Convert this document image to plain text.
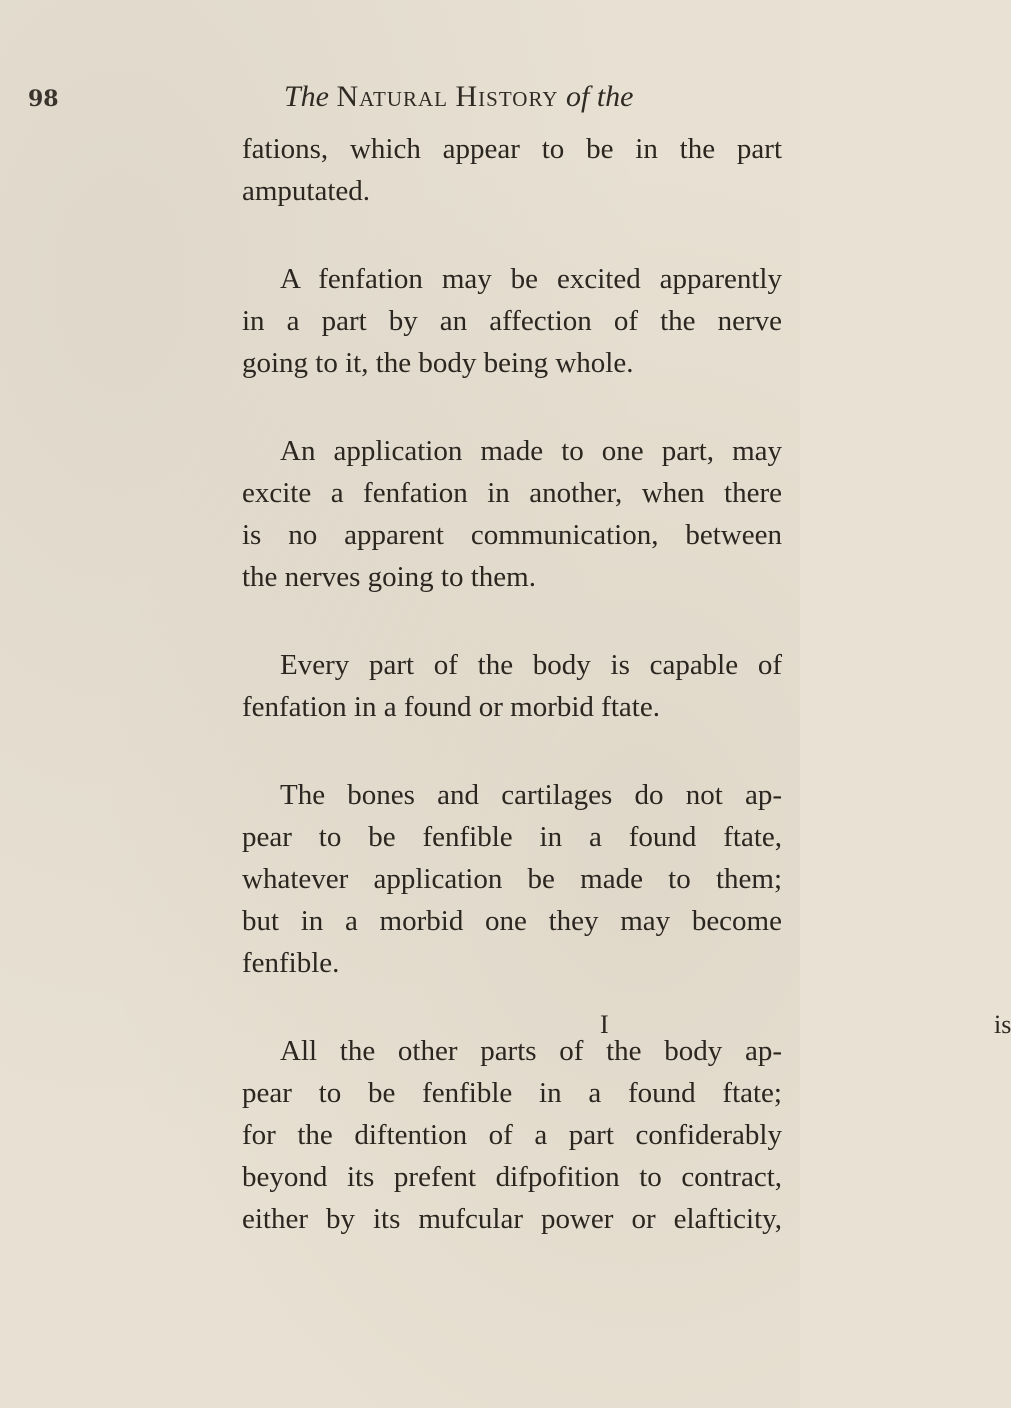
98	The Natural History of the
fations, which appear to be in the part
amputated.
A fenfation may be excited apparently
in a part by an affection of the nerve
going to it, the body being whole.
An application made to one part, may
excite a fenfation in another, when there
is no apparent communication, between
the nerves going to them.
Every part of the body is capable of
fenfation in a found or morbid ftate.
The bones and cartilages do not ap-
pear to be fenfible in a found ftate,
whatever application be made to them;
but in a morbid one they may become
fenfible.
All the other parts of the body ap-
pear to be fenfible in a found ftate;
for the diftention of a part confiderably
beyond its prefent difpofition to contract,
either by its mufcular power or elafticity,
I	is
